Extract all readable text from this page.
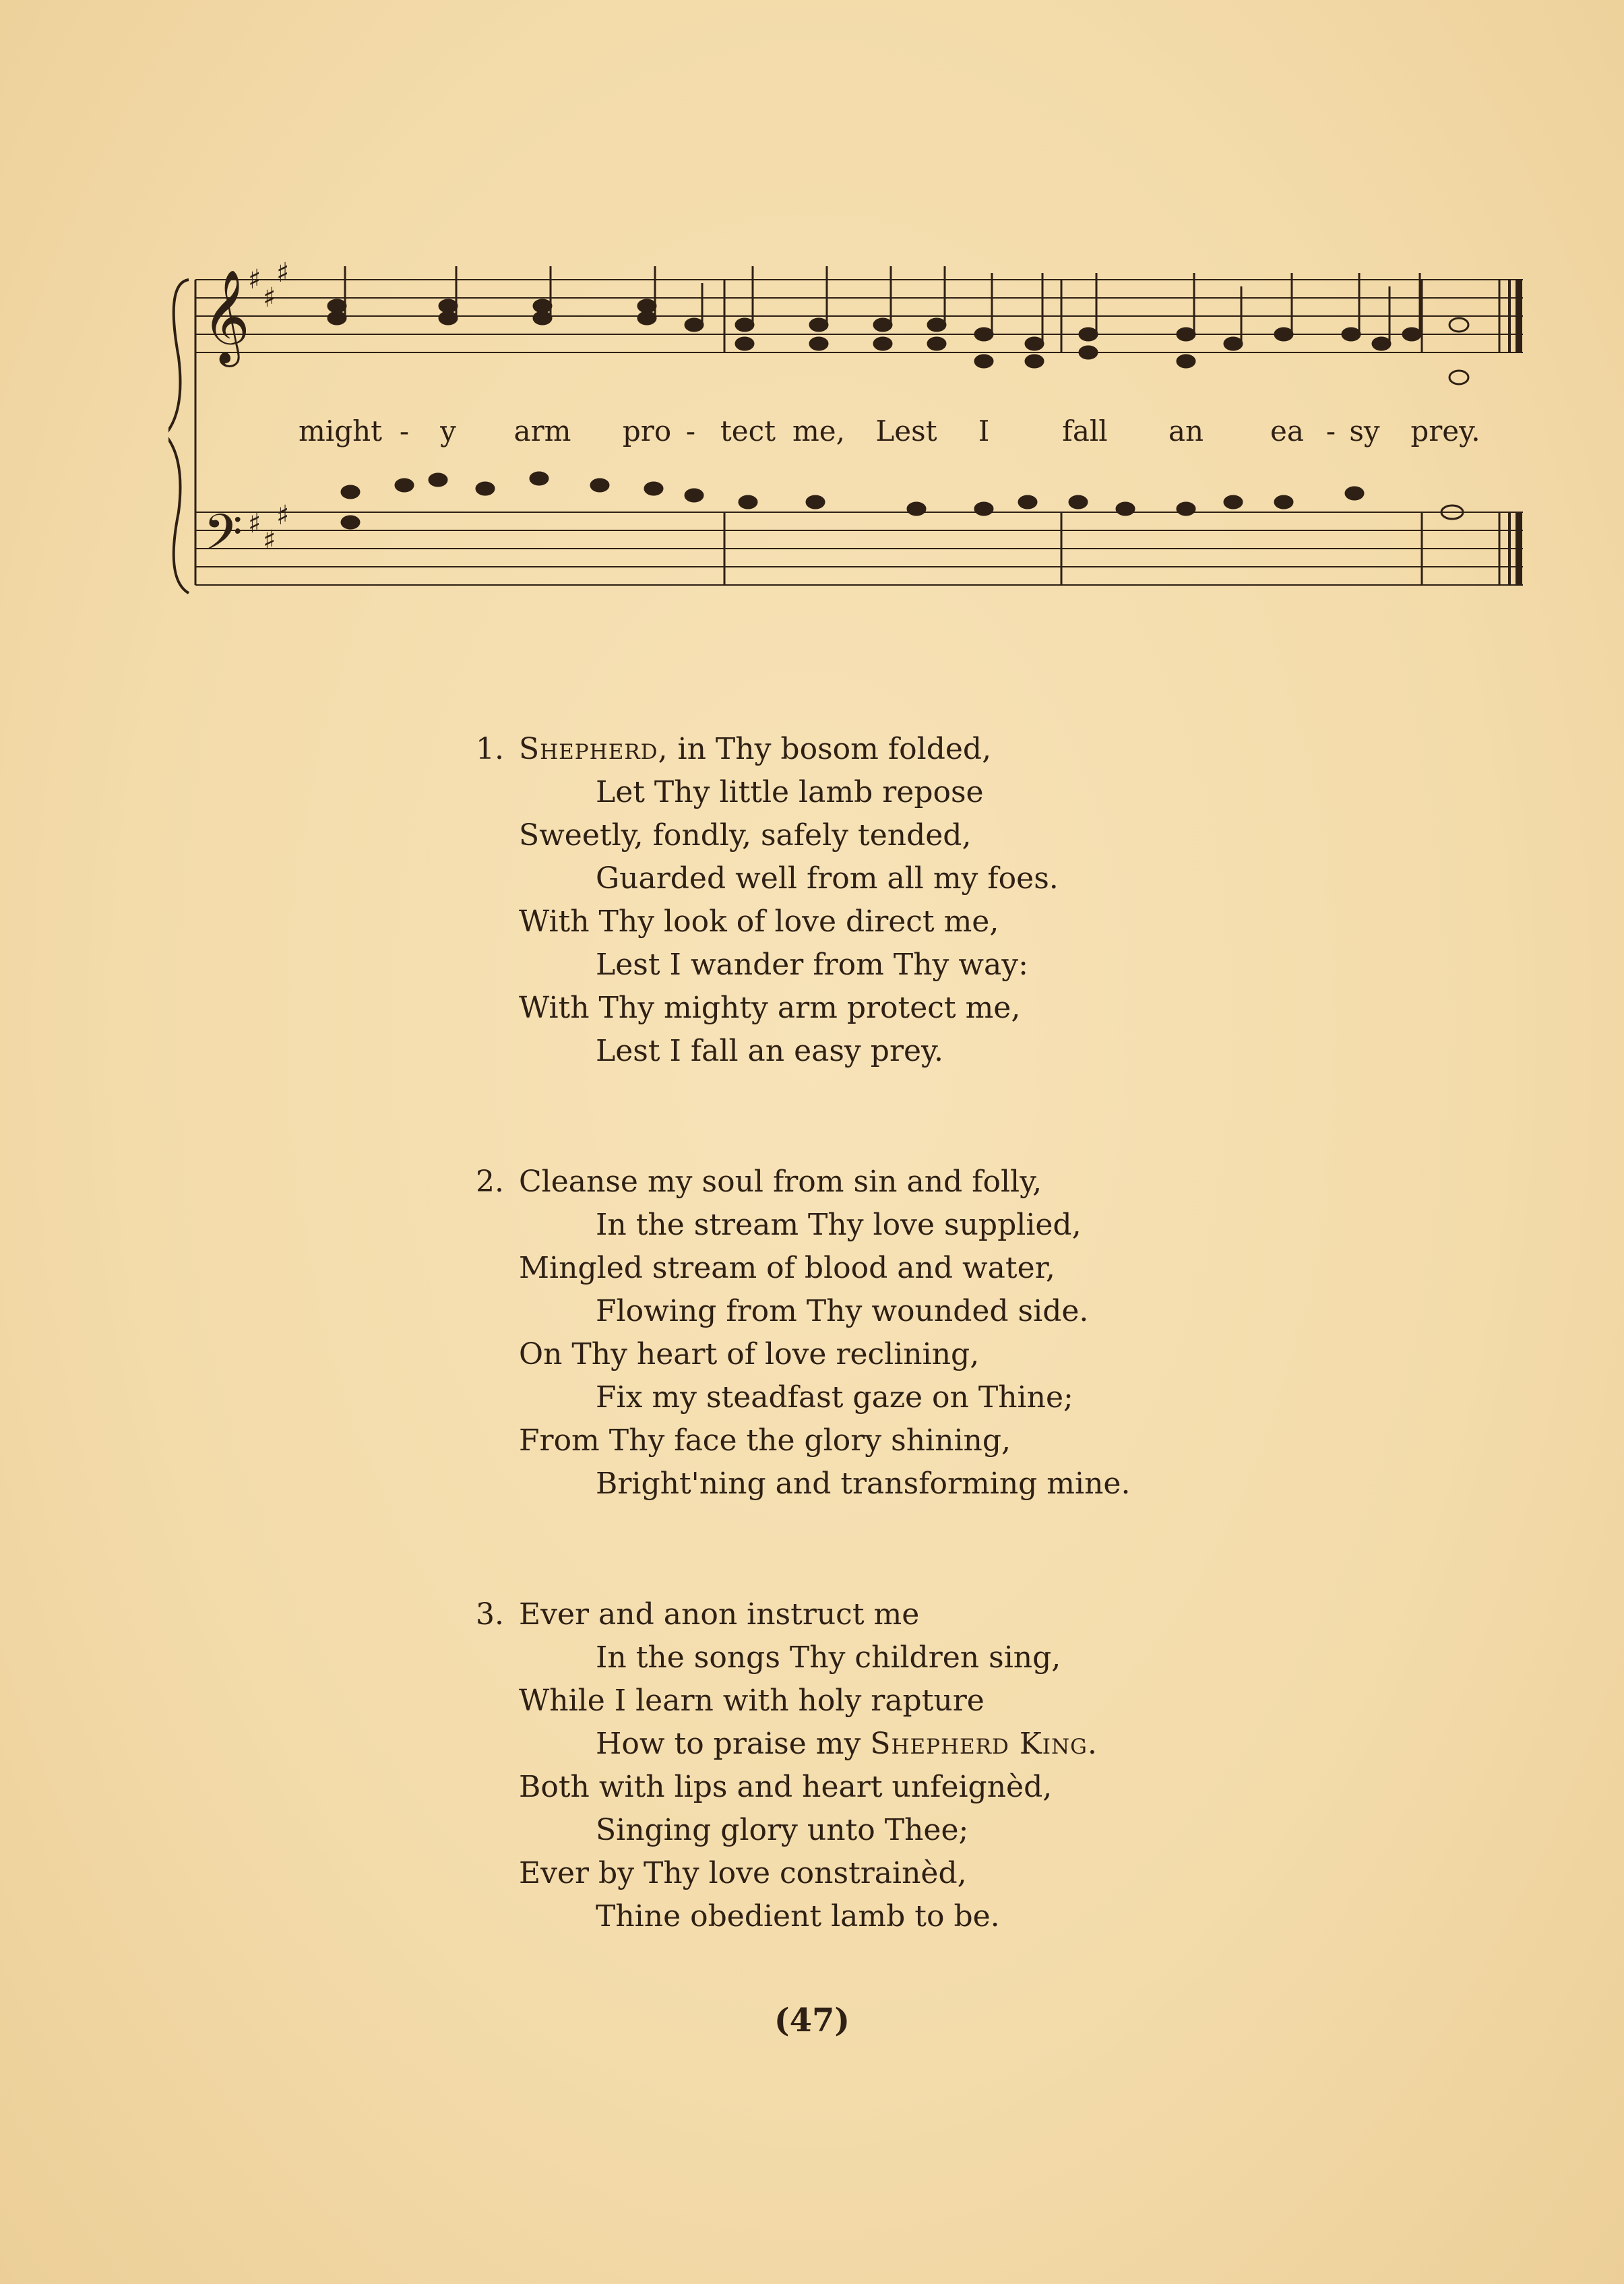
𝄞
𝄢
♯
♯
♯
♯
♯
♯
might - y arm pro - tect me, Lest I	fall an ea - sy prey.
1. Shepherd, in Thy bosom folded,
Let Thy little lamb repose
Sweetly, fondly, safely tended,
Guarded well from all my foes.
With Thy look of love direct me,
Lest I wander from Thy way:
With Thy mighty arm protect me,
Lest I fall an easy prey.
2. Cleanse my soul from sin and folly,
In the stream Thy love supplied,
Mingled stream of blood and water,
Flowing from Thy wounded side.
On Thy heart of love reclining,
Fix my steadfast gaze on Thine;
From Thy face the glory shining,
Bright'ning and transforming mine.
3. Ever and anon instruct me
In the songs Thy children sing,
While I learn with holy rapture
How to praise my Shepherd King.
Both with lips and heart unfeignèd,
Singing glory unto Thee;
Ever by Thy love constrainèd,
Thine obedient lamb to be.
(47)
